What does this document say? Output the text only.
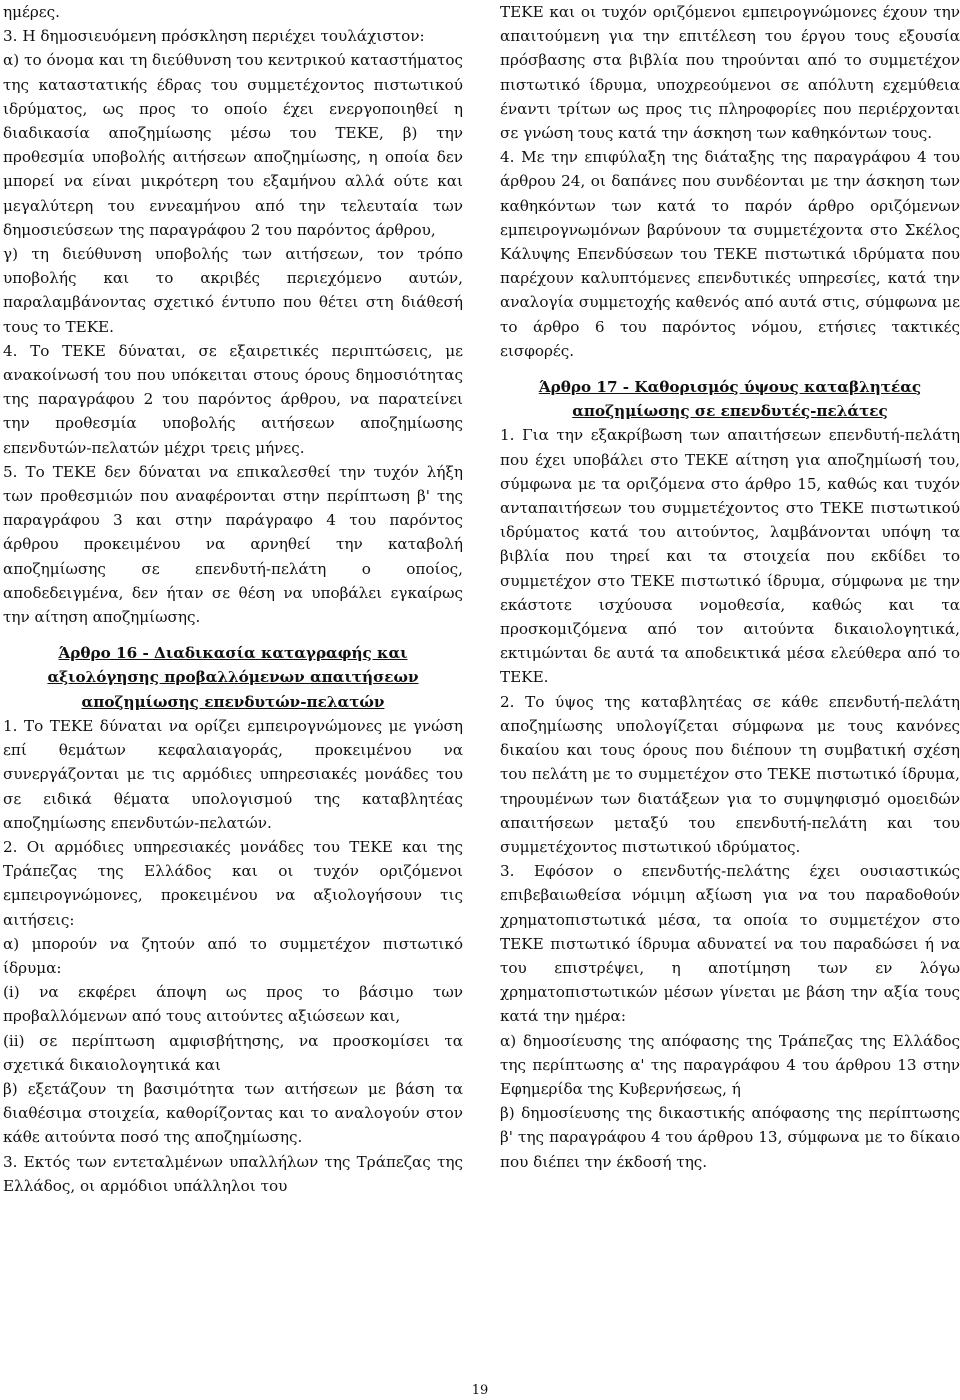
ημέρες.

3. Η δημοσιευόμενη πρόσκληση περιέχει τουλάχιστον:

α) το όνομα και τη διεύθυνση του κεντρικού καταστήματος της καταστατικής έδρας του συμμετέχοντος πιστωτικού ιδρύματος, ως προς το οποίο έχει ενεργοποιηθεί η διαδικασία αποζημίωσης μέσω του ΤΕΚΕ, β) την προθεσμία υποβολής αιτήσεων αποζημίωσης, η οποία δεν μπορεί να είναι μικρότερη του εξαμήνου αλλά ούτε και μεγαλύτερη του εννεαμήνου από την τελευταία των δημοσιεύσεων της παραγράφου 2 του παρόντος άρθρου,

γ) τη διεύθυνση υποβολής των αιτήσεων, τον τρόπο υποβολής και το ακριβές περιεχόμενο αυτών, παραλαμβάνοντας σχετικό έντυπο που θέτει στη διάθεσή τους το ΤΕΚΕ.

4. Το ΤΕΚΕ δύναται, σε εξαιρετικές περιπτώσεις, με ανακοίνωσή του που υπόκειται στους όρους δημοσιότητας της παραγράφου 2 του παρόντος άρθρου, να παρατείνει την προθεσμία υποβολής αιτήσεων αποζημίωσης επενδυτών-πελατών μέχρι τρεις μήνες.

5. Το ΤΕΚΕ δεν δύναται να επικαλεσθεί την τυχόν λήξη των προθεσμιών που αναφέρονται στην περίπτωση β' της παραγράφου 3 και στην παράγραφο 4 του παρόντος άρθρου προκειμένου να αρνηθεί την καταβολή αποζημίωσης σε επενδυτή-πελάτη ο οποίος, αποδεδειγμένα, δεν ήταν σε θέση να υποβάλει εγκαίρως την αίτηση αποζημίωσης.

Άρθρο 16 - Διαδικασία καταγραφής και αξιολόγησης προβαλλόμενων απαιτήσεων αποζημίωσης επενδυτών-πελατών

1. Το ΤΕΚΕ δύναται να ορίζει εμπειρογνώμονες με γνώση επί θεμάτων κεφαλαιαγοράς, προκειμένου να συνεργάζονται με τις αρμόδιες υπηρεσιακές μονάδες του σε ειδικά θέματα υπολογισμού της καταβλητέας αποζημίωσης επενδυτών-πελατών.

2. Οι αρμόδιες υπηρεσιακές μονάδες του ΤΕΚΕ και της Τράπεζας της Ελλάδος και οι τυχόν οριζόμενοι εμπειρογνώμονες, προκειμένου να αξιολογήσουν τις αιτήσεις:

α) μπορούν να ζητούν από το συμμετέχον πιστωτικό ίδρυμα:

(i) να εκφέρει άποψη ως προς το βάσιμο των προβαλλόμενων από τους αιτούντες αξιώσεων και,

(ii) σε περίπτωση αμφισβήτησης, να προσκομίσει τα σχετικά δικαιολογητικά και

β) εξετάζουν τη βασιμότητα των αιτήσεων με βάση τα διαθέσιμα στοιχεία, καθορίζοντας και το αναλογούν στον κάθε αιτούντα ποσό της αποζημίωσης.

3. Εκτός των εντεταλμένων υπαλλήλων της Τράπεζας της Ελλάδος, οι αρμόδιοι υπάλληλοι του

ΤΕΚΕ και οι τυχόν οριζόμενοι εμπειρογνώμονες έχουν την απαιτούμενη για την επιτέλεση του έργου τους εξουσία πρόσβασης στα βιβλία που τηρούνται από το συμμετέχον πιστωτικό ίδρυμα, υποχρεούμενοι σε απόλυτη εχεμύθεια έναντι τρίτων ως προς τις πληροφορίες που περιέρχονται σε γνώση τους κατά την άσκηση των καθηκόντων τους.

4. Με την επιφύλαξη της διάταξης της παραγράφου 4 του άρθρου 24, οι δαπάνες που συνδέονται με την άσκηση των καθηκόντων των κατά το παρόν άρθρο οριζόμενων εμπειρογνωμόνων βαρύνουν τα συμμετέχοντα στο Σκέλος Κάλυψης Επενδύσεων του ΤΕΚΕ πιστωτικά ιδρύματα που παρέχουν καλυπτόμενες επενδυτικές υπηρεσίες, κατά την αναλογία συμμετοχής καθενός από αυτά στις, σύμφωνα με το άρθρο 6 του παρόντος νόμου, ετήσιες τακτικές εισφορές.

Άρθρο 17 - Καθορισμός ύψους καταβλητέας αποζημίωσης σε επενδυτές-πελάτες

1. Για την εξακρίβωση των απαιτήσεων επενδυτή-πελάτη που έχει υποβάλει στο ΤΕΚΕ αίτηση για αποζημίωσή του, σύμφωνα με τα οριζόμενα στο άρθρο 15, καθώς και τυχόν ανταπαιτήσεων του συμμετέχοντος στο ΤΕΚΕ πιστωτικού ιδρύματος κατά του αιτούντος, λαμβάνονται υπόψη τα βιβλία που τηρεί και τα στοιχεία που εκδίδει το συμμετέχον στο ΤΕΚΕ πιστωτικό ίδρυμα, σύμφωνα με την εκάστοτε ισχύουσα νομοθεσία, καθώς και τα προσκομιζόμενα από τον αιτούντα δικαιολογητικά, εκτιμώνται δε αυτά τα αποδεικτικά μέσα ελεύθερα από το ΤΕΚΕ.

2. Το ύψος της καταβλητέας σε κάθε επενδυτή-πελάτη αποζημίωσης υπολογίζεται σύμφωνα με τους κανόνες δικαίου και τους όρους που διέπουν τη συμβατική σχέση του πελάτη με το συμμετέχον στο ΤΕΚΕ πιστωτικό ίδρυμα, τηρουμένων των διατάξεων για το συμψηφισμό ομοειδών απαιτήσεων μεταξύ του επενδυτή-πελάτη και του συμμετέχοντος πιστωτικού ιδρύματος.

3. Εφόσον ο επενδυτής-πελάτης έχει ουσιαστικώς επιβεβαιωθείσα νόμιμη αξίωση για να του παραδοθούν χρηματοπιστωτικά μέσα, τα οποία το συμμετέχον στο ΤΕΚΕ πιστωτικό ίδρυμα αδυνατεί να του παραδώσει ή να του επιστρέψει, η αποτίμηση των εν λόγω χρηματοπιστωτικών μέσων γίνεται με βάση την αξία τους κατά την ημέρα:

α) δημοσίευσης της απόφασης της Τράπεζας της Ελλάδος της περίπτωσης α' της παραγράφου 4 του άρθρου 13 στην Εφημερίδα της Κυβερνήσεως, ή

β) δημοσίευσης της δικαστικής απόφασης της περίπτωσης β' της παραγράφου 4 του άρθρου 13, σύμφωνα με το δίκαιο που διέπει την έκδοσή της.

19
